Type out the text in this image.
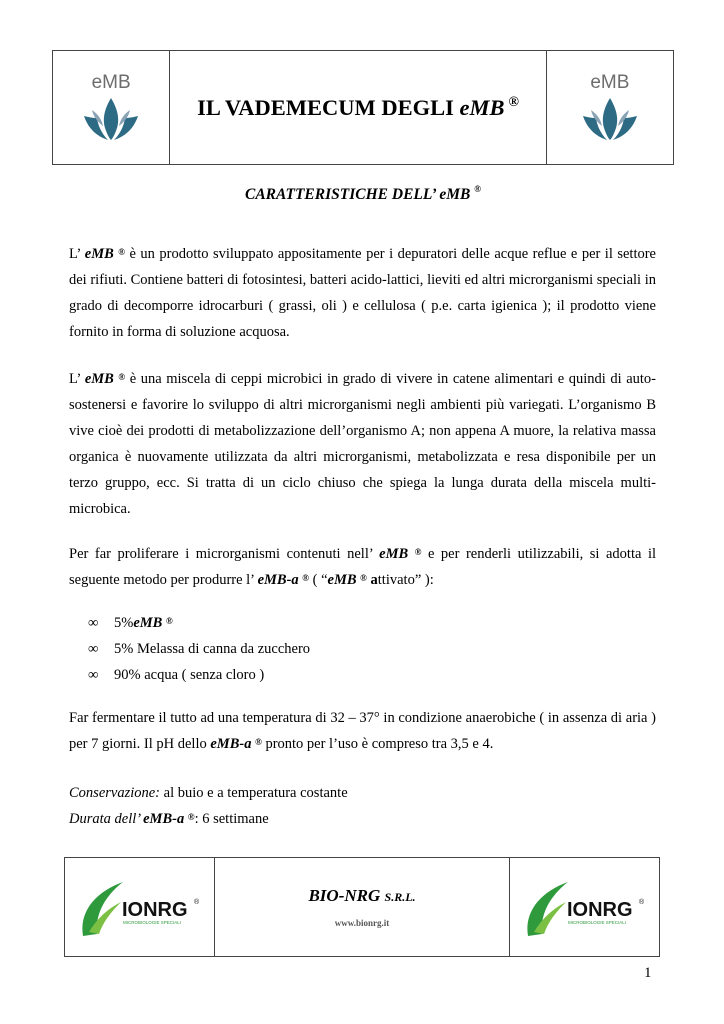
eMB
IL VADEMECUM DEGLI eMB ®
eMB
CARATTERISTICHE DELL’ eMB ®

L’ eMB ® è un prodotto sviluppato appositamente per i depuratori delle acque reflue e per il settore dei rifiuti. Contiene batteri di fotosintesi, batteri acido-lattici, lieviti ed altri microrganismi speciali in grado di decomporre idrocarburi ( grassi, oli ) e cellulosa ( p.e. carta igienica ); il prodotto viene fornito in forma di soluzione acquosa.

L’ eMB ® è una miscela di ceppi microbici in grado di vivere in catene alimentari e quindi di auto-sostenersi e favorire lo sviluppo di altri microrganismi negli ambienti più variegati. L’organismo B vive cioè dei prodotti di metabolizzazione dell’organismo A; non appena A muore, la relativa massa organica è nuovamente utilizzata da altri microrganismi, metabolizzata e resa disponibile per un terzo gruppo, ecc. Si tratta di un ciclo chiuso che spiega la lunga durata della miscela multi-microbica.

Per far proliferare i microrganismi contenuti nell’ eMB ® e per renderli utilizzabili, si adotta il seguente metodo per produrre l’ eMB-a ® ( “eMB ® attivato” ):

∞	5% eMB
®
∞	5% Melassa di canna da zucchero
∞	90% acqua ( senza cloro )

Far fermentare il tutto ad una temperatura di 32 – 37° in condizione anaerobiche ( in assenza di aria ) per 7 giorni. Il pH dello eMB-a ® pronto per l’uso è compreso tra 3,5 e 4.

Conservazione: al buio e a temperatura costante
Durata dell’ eMB-a ®: 6 settimane
IONRG ®
MICROBIOLOGIE SPECIALI
BIO-NRG S.R.L.
www.bionrg.it
IONRG ®
MICROBIOLOGIE SPECIALI
1
